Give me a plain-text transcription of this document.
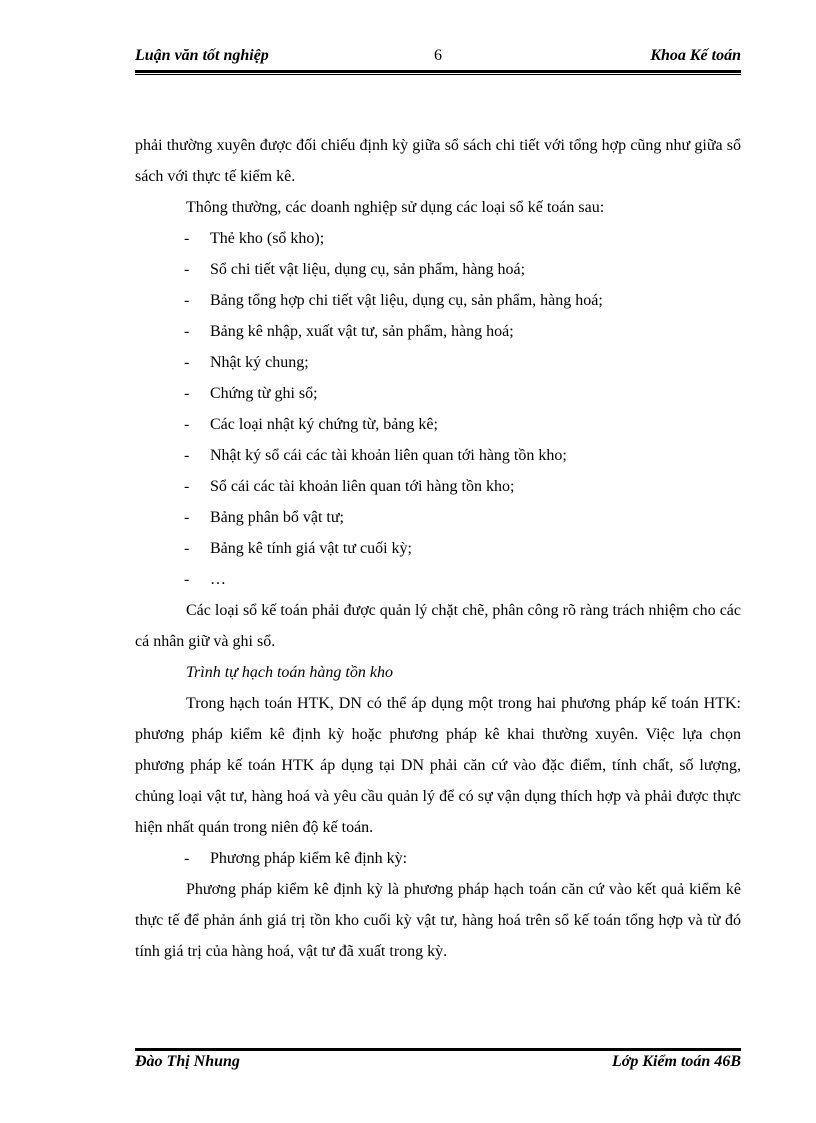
Luận văn tốt nghiệp	6	Khoa Kế toán

phải thường xuyên được đối chiếu định kỳ giữa sổ sách chi tiết với tổng hợp cũng như giữa sổ sách với thực tế kiểm kê.

Thông thường, các doanh nghiệp sử dụng các loại sổ kế toán sau:

- Thẻ kho (sổ kho);

- Sổ chi tiết vật liệu, dụng cụ, sản phẩm, hàng hoá;

- Bảng tổng hợp chi tiết vật liệu, dụng cụ, sản phẩm, hàng hoá;

- Bảng kê nhập, xuất vật tư, sản phẩm, hàng hoá;

- Nhật ký chung;

- Chứng từ ghi sổ;

- Các loại nhật ký chứng từ, bảng kê;

- Nhật ký sổ cái các tài khoản liên quan tới hàng tồn kho;

- Sổ cái các tài khoản liên quan tới hàng tồn kho;

- Bảng phân bổ vật tư;

- Bảng kê tính giá vật tư cuối kỳ;

- …

Các loại sổ kế toán phải được quản lý chặt chẽ, phân công rõ ràng trách nhiệm cho các cá nhân giữ và ghi sổ.

Trình tự hạch toán hàng tồn kho

Trong hạch toán HTK, DN có thể áp dụng một trong hai phương pháp kế toán HTK: phương pháp kiểm kê định kỳ hoặc phương pháp kê khai thường xuyên. Việc lựa chọn phương pháp kế toán HTK áp dụng tại DN phải căn cứ vào đặc điểm, tính chất, số lượng, chủng loại vật tư, hàng hoá và yêu cầu quản lý để có sự vận dụng thích hợp và phải được thực hiện nhất quán trong niên độ kế toán.

- Phương pháp kiểm kê định kỳ:

Phương pháp kiểm kê định kỳ là phương pháp hạch toán căn cứ vào kết quả kiểm kê thực tế để phản ánh giá trị tồn kho cuối kỳ vật tư, hàng hoá trên sổ kế toán tổng hợp và từ đó tính giá trị của hàng hoá, vật tư đã xuất trong kỳ.

Đào Thị Nhung	Lớp Kiểm toán 46B
